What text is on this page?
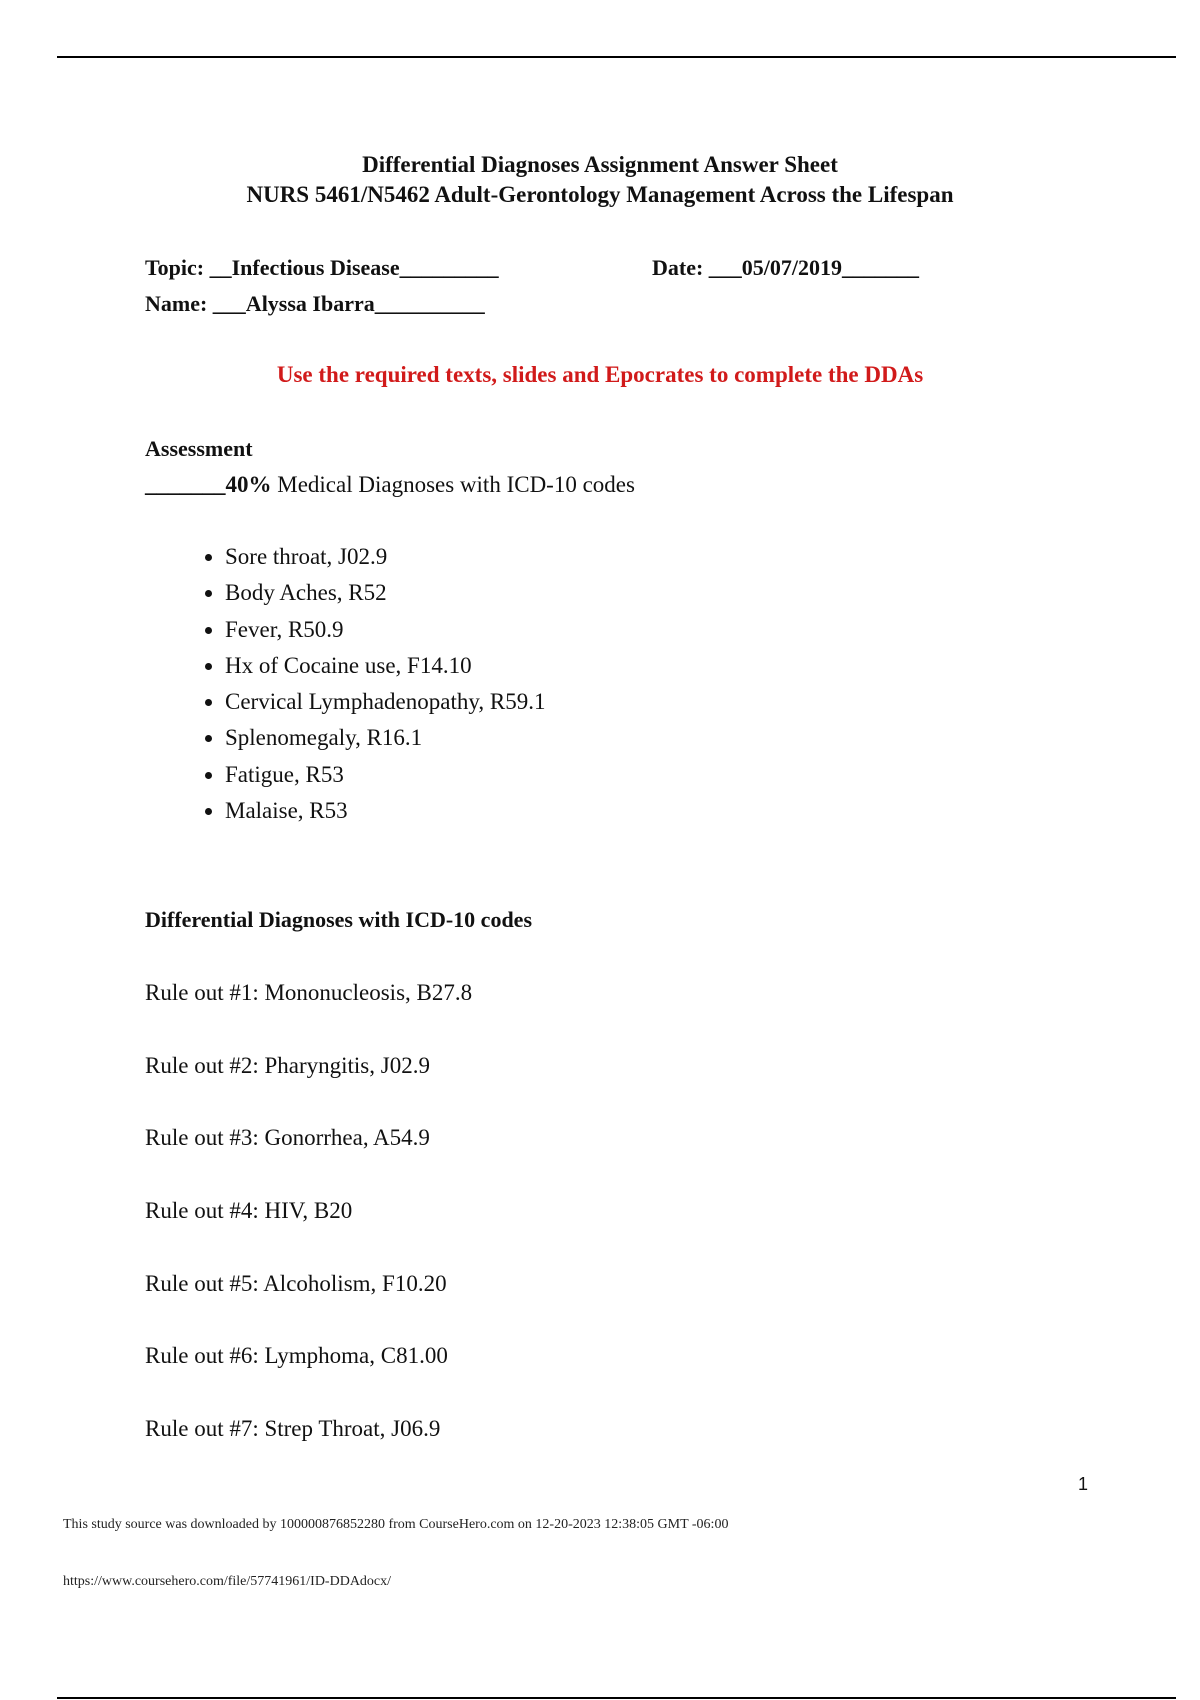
Differential Diagnoses Assignment Answer Sheet
NURS 5461/N5462 Adult-Gerontology Management Across the Lifespan
Topic: __Infectious Disease_________	Date: ___05/07/2019_______
Name: ___Alyssa Ibarra__________
Use the required texts, slides and Epocrates to complete the DDAs
Assessment
_______40% Medical Diagnoses with ICD-10 codes
• Sore throat, J02.9
• Body Aches, R52
• Fever, R50.9
• Hx of Cocaine use, F14.10
• Cervical Lymphadenopathy, R59.1
• Splenomegaly, R16.1
• Fatigue, R53
• Malaise, R53
Differential Diagnoses with ICD-10 codes
Rule out #1: Mononucleosis, B27.8
Rule out #2: Pharyngitis, J02.9
Rule out #3: Gonorrhea, A54.9
Rule out #4: HIV, B20
Rule out #5: Alcoholism, F10.20
Rule out #6: Lymphoma, C81.00
Rule out #7: Strep Throat, J06.9
1
This study source was downloaded by 100000876852280 from CourseHero.com on 12-20-2023 12:38:05 GMT -06:00
https://www.coursehero.com/file/57741961/ID-DDAdocx/
